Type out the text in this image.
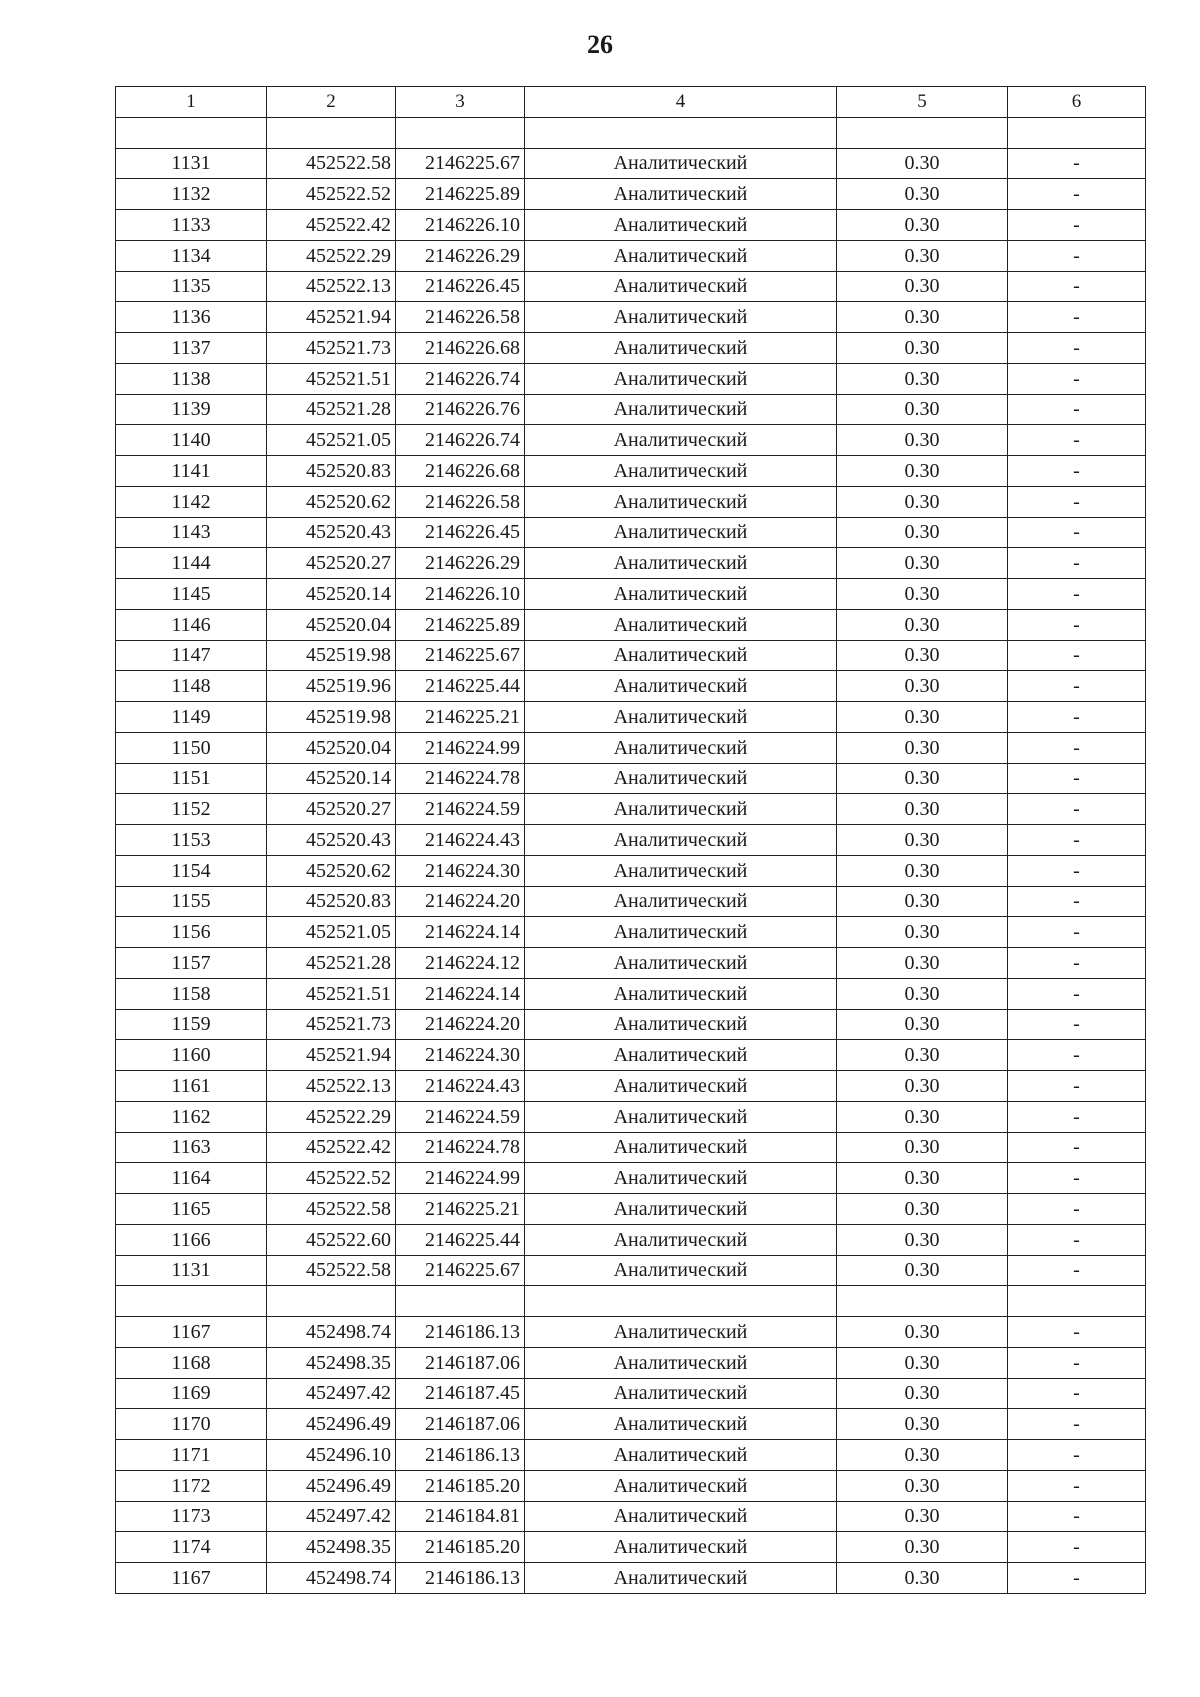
26
1	2	3	4	5	6

1131	452522.58	2146225.67	Аналитический	0.30	-
1132	452522.52	2146225.89	Аналитический	0.30	-
1133	452522.42	2146226.10	Аналитический	0.30	-
1134	452522.29	2146226.29	Аналитический	0.30	-
1135	452522.13	2146226.45	Аналитический	0.30	-
1136	452521.94	2146226.58	Аналитический	0.30	-
1137	452521.73	2146226.68	Аналитический	0.30	-
1138	452521.51	2146226.74	Аналитический	0.30	-
1139	452521.28	2146226.76	Аналитический	0.30	-
1140	452521.05	2146226.74	Аналитический	0.30	-
1141	452520.83	2146226.68	Аналитический	0.30	-
1142	452520.62	2146226.58	Аналитический	0.30	-
1143	452520.43	2146226.45	Аналитический	0.30	-
1144	452520.27	2146226.29	Аналитический	0.30	-
1145	452520.14	2146226.10	Аналитический	0.30	-
1146	452520.04	2146225.89	Аналитический	0.30	-
1147	452519.98	2146225.67	Аналитический	0.30	-
1148	452519.96	2146225.44	Аналитический	0.30	-
1149	452519.98	2146225.21	Аналитический	0.30	-
1150	452520.04	2146224.99	Аналитический	0.30	-
1151	452520.14	2146224.78	Аналитический	0.30	-
1152	452520.27	2146224.59	Аналитический	0.30	-
1153	452520.43	2146224.43	Аналитический	0.30	-
1154	452520.62	2146224.30	Аналитический	0.30	-
1155	452520.83	2146224.20	Аналитический	0.30	-
1156	452521.05	2146224.14	Аналитический	0.30	-
1157	452521.28	2146224.12	Аналитический	0.30	-
1158	452521.51	2146224.14	Аналитический	0.30	-
1159	452521.73	2146224.20	Аналитический	0.30	-
1160	452521.94	2146224.30	Аналитический	0.30	-
1161	452522.13	2146224.43	Аналитический	0.30	-
1162	452522.29	2146224.59	Аналитический	0.30	-
1163	452522.42	2146224.78	Аналитический	0.30	-
1164	452522.52	2146224.99	Аналитический	0.30	-
1165	452522.58	2146225.21	Аналитический	0.30	-
1166	452522.60	2146225.44	Аналитический	0.30	-
1131	452522.58	2146225.67	Аналитический	0.30	-

1167	452498.74	2146186.13	Аналитический	0.30	-
1168	452498.35	2146187.06	Аналитический	0.30	-
1169	452497.42	2146187.45	Аналитический	0.30	-
1170	452496.49	2146187.06	Аналитический	0.30	-
1171	452496.10	2146186.13	Аналитический	0.30	-
1172	452496.49	2146185.20	Аналитический	0.30	-
1173	452497.42	2146184.81	Аналитический	0.30	-
1174	452498.35	2146185.20	Аналитический	0.30	-
1167	452498.74	2146186.13	Аналитический	0.30	-
